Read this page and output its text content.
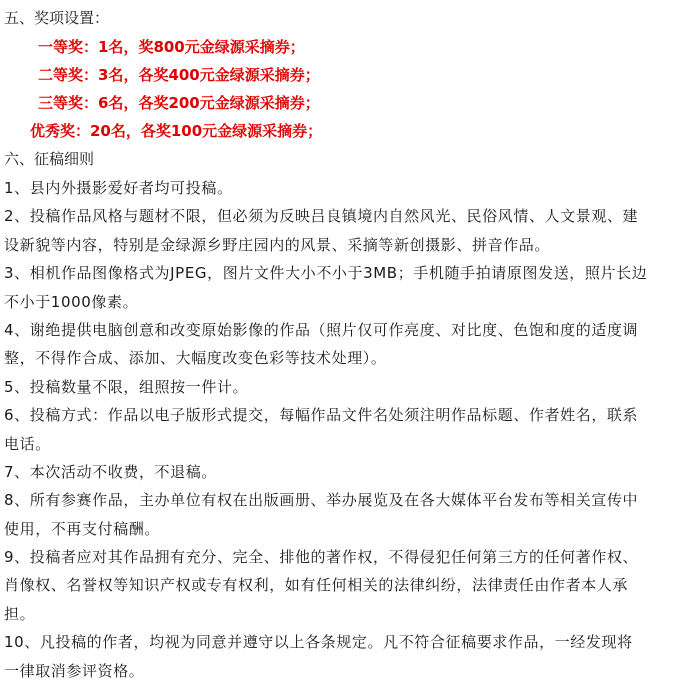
五、奖项设置：
一等奖：1名，奖800元金绿源采摘券；
二等奖：3名，各奖400元金绿源采摘券；
三等奖：6名，各奖200元金绿源采摘券；
优秀奖：20名，各奖100元金绿源采摘券；
六、征稿细则
1、县内外摄影爱好者均可投稿。
2、投稿作品风格与题材不限，但必须为反映吕良镇境内自然风光、民俗风情、人文景观、建
设新貌等内容，特别是金绿源乡野庄园内的风景、采摘等新创摄影、拼音作品。
3、相机作品图像格式为JPEG，图片文件大小不小于3MB；手机随手拍请原图发送，照片长边
不小于1000像素。
4、谢绝提供电脑创意和改变原始影像的作品（照片仅可作亮度、对比度、色饱和度的适度调
整，不得作合成、添加、大幅度改变色彩等技术处理）。
5、投稿数量不限，组照按一件计。
6、投稿方式：作品以电子版形式提交，每幅作品文件名处须注明作品标题、作者姓名，联系
电话。
7、本次活动不收费，不退稿。
8、所有参赛作品，主办单位有权在出版画册、举办展览及在各大媒体平台发布等相关宣传中
使用，不再支付稿酬。
9、投稿者应对其作品拥有充分、完全、排他的著作权，不得侵犯任何第三方的任何著作权、
肖像权、名誉权等知识产权或专有权利，如有任何相关的法律纠纷，法律责任由作者本人承
担。
10、凡投稿的作者，均视为同意并遵守以上各条规定。凡不符合征稿要求作品，一经发现将
一律取消参评资格。
